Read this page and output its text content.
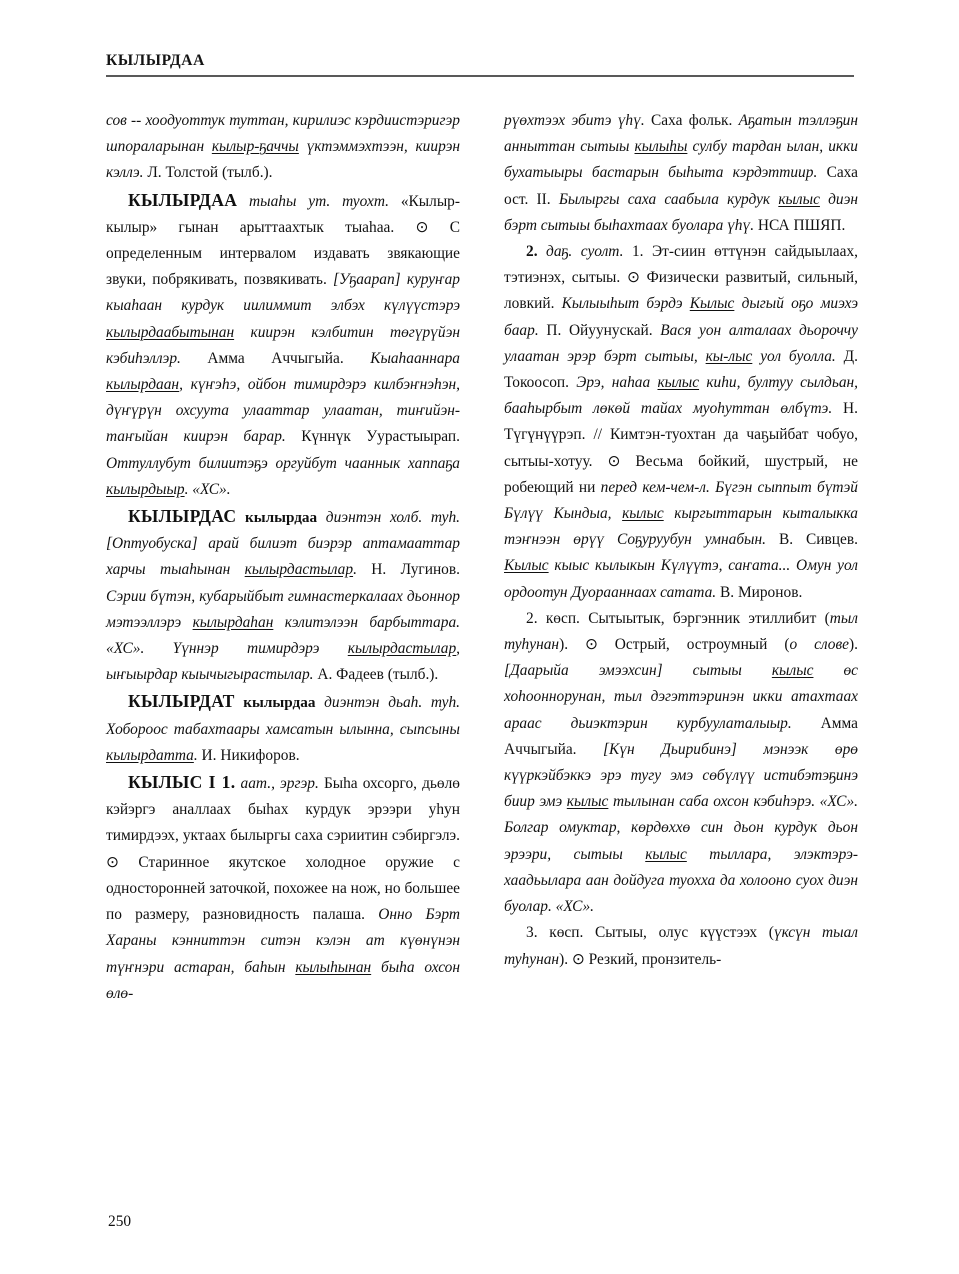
КЫЛЫРДАА

сов -- хоодуоттук туттан, кирилиэс кэрдиистэригэр шпораларынан кылыр-ҕаччы үктэммэхтээн, киирэн кэллэ. Л. Толстой (тылб.).

КЫЛЫРДАА тыаһы ут. туохт. «Кылыр-кылыр» гынан арыттаахтык тыаһаа. ⊙ С определенным интервалом издавать звякающие звуки, побрякивать, позвякивать. [Уҕаарап] куруҥар кыаһаан курдук иилиммит элбэх күлүүстэрэ кылырдаабытынан киирэн кэлбитин төгүрүйэн кэбиһэллэр. Амма Аччыгыйа. Кыаһааннара кылырдаан, күҥэһэ, ойбон тимирдэрэ килбэҥнэһэн, дүҥүрүн охсуута улааттар улаатан, тиҥийэн-таҥыйан киирэн барар. Күннүк Уурастыырап. Оттуллубут билиитэҕэ оргуйбут чааннык хаппаҕа кылырдыыр. «ХС».

КЫЛЫРДАС кылырдаа диэнтэн холб. туһ. [Оптуобуска] арай билиэт биэрэр аптамааттар харчы тыаһынан кылырдастылар. Н. Лугинов. Сэрии бүтэн, кубарыйбыт гимнастеркалаах дьоннор мэтээллэрэ кылырдаһан кэлитэлээн барбыттара. «ХС». Үүннэр тимирдэрэ кылырдастылар, ыҥыырдар кыычыгырастылар. А. Фадеев (тылб.).

КЫЛЫРДАТ кылырдаа диэнтэн дьаһ. туһ. Хобороос табахтаары хамсатын ылынна, сыпсыны кылырдатта. И. Никифоров.

КЫЛЫС I 1. аат., эргэр. Быһа охсорго, дьөлө кэйэргэ аналлаах быһах курдук эрээри уһун тимирдээх, уктаах былыргы саха сэриитин сэбиргэлэ. ⊙ Старинное якутское холодное оружие с односторонней заточкой, похожее на нож, но большее по размеру, разновидность палаша. Онно Бэрт Хараны кэнниттэн ситэн кэлэн ат күөнүнэн түҥнэри астаран, баһын кылыһынан быһа охсон өлө-

рүөхтээх эбитэ үһү. Саха фольк. Аҕатын тэллэҕин анныттан сытыы кылыһы сулбу тардан ылан, икки бухатыыры бастарын быһыта кэрдэттиир. Саха ост. II. Былыргы саха саабыла курдук кылыс диэн бэрт сытыы быһахтаах буолара үһү. НСА ПШЯП.

2. даҕ. суолт. 1. Эт-сиин өттүнэн сайдыылаах, тэтиэнэх, сытыы. ⊙ Физически развитый, сильный, ловкий. Кылыыһыт бэрдэ Кылыс дыгый оҕо миэхэ баар. П. Ойуунускай. Вася уон алталаах дьороччу улаатан эрэр бэрт сытыы, кы-лыс уол буолла. Д. Токоосоп. Эрэ, наһаа кылыс киһи, бултуу сылдьан, бааһырбыт лөкөй тайах муоһуттан өлбүтэ. Н. Түгүнүүрэп. // Кимтэн-туохтан да чаҕыйбат чобуо, сытыы-хотуу. ⊙ Весьма бойкий, шустрый, не робеющий ни перед кем-чем-л. Бүгэн сыппыт бүтэй Бүлүү Кындыа, кылыс кыргыттарын кыталыкка тэҥнээн өрүү Соҕуруубун умнабын. В. Сивцев. Кылыс кыыс кылыкын Күлүүтэ, саҥата... Омун уол ордоотун Дуорааннаах сатата. В. Миронов.

2. көсп. Сытыытык, бэргэнник этиллибит (тыл туһунан). ⊙ Острый, остроумный (о слове). [Даарыйа эмээхсин] сытыы кылыс өс хоһооннорунан, тыл дэгэттэринэн икки атахтаах араас дьиэктэрин курбуулаталыыр. Амма Аччыгыйа. [Күн Дьирибинэ] мэнээк өрө күүркэйбэккэ эрэ тугу эмэ сөбүлүү истибэтэҕинэ биир эмэ кылыс тылынан саба охсон кэбиһэрэ. «ХС». Болгар омуктар, көрдөххө син дьон курдук дьон эрээри, сытыы кылыс тыллара, элэктэрэ-хаадьылара аан дойдуга туохха да холооно суох диэн буолар. «ХС».

3. көсп. Сытыы, олус күүстээх (үксүн тыал туһунан). ⊙ Резкий, пронзитель-

250
